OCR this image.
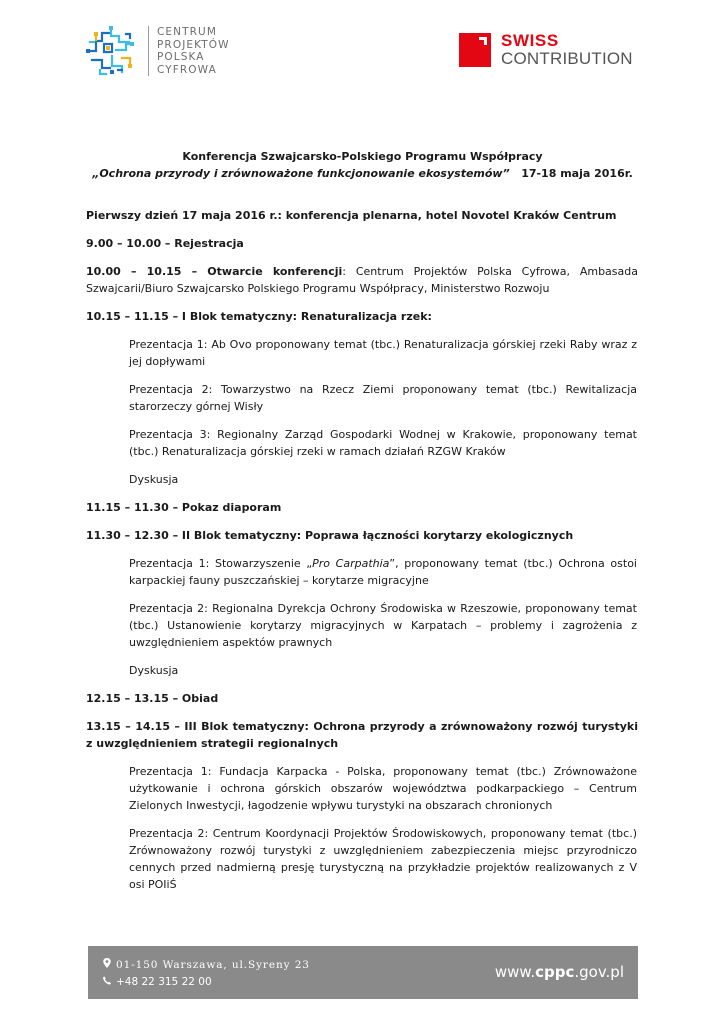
CENTRUM
PROJEKTÓW
POLSKA
CYFROWA
SWISS
CONTRIBUTION
Konferencja Szwajcarsko-Polskiego Programu Współpracy
„Ochrona przyrody i zrównoważone funkcjonowanie ekosystemów” 17-18 maja 2016r.
Pierwszy dzień 17 maja 2016 r.: konferencja plenarna, hotel Novotel Kraków Centrum
9.00 – 10.00 – Rejestracja
10.00 – 10.15 – Otwarcie konferencji: Centrum Projektów Polska Cyfrowa, Ambasada Szwajcarii/Biuro Szwajcarsko Polskiego Programu Współpracy, Ministerstwo Rozwoju
10.15 – 11.15 – I Blok tematyczny: Renaturalizacja rzek:
Prezentacja 1: Ab Ovo proponowany temat (tbc.) Renaturalizacja górskiej rzeki Raby wraz z jej dopływami
Prezentacja 2: Towarzystwo na Rzecz Ziemi proponowany temat (tbc.) Rewitalizacja starorzeczy górnej Wisły
Prezentacja 3: Regionalny Zarząd Gospodarki Wodnej w Krakowie, proponowany temat (tbc.) Renaturalizacja górskiej rzeki w ramach działań RZGW Kraków
Dyskusja
11.15 – 11.30 – Pokaz diaporam
11.30 – 12.30 – II Blok tematyczny: Poprawa łączności korytarzy ekologicznych
Prezentacja 1: Stowarzyszenie „Pro Carpathia”, proponowany temat (tbc.) Ochrona ostoi karpackiej fauny puszczańskiej – korytarze migracyjne
Prezentacja 2: Regionalna Dyrekcja Ochrony Środowiska w Rzeszowie, proponowany temat (tbc.) Ustanowienie korytarzy migracyjnych w Karpatach – problemy i zagrożenia z uwzględnieniem aspektów prawnych
Dyskusja
12.15 – 13.15 – Obiad
13.15 – 14.15 – III Blok tematyczny: Ochrona przyrody a zrównoważony rozwój turystyki z uwzględnieniem strategii regionalnych
Prezentacja 1: Fundacja Karpacka - Polska, proponowany temat (tbc.) Zrównoważone użytkowanie i ochrona górskich obszarów województwa podkarpackiego – Centrum Zielonych Inwestycji, łagodzenie wpływu turystyki na obszarach chronionych
Prezentacja 2: Centrum Koordynacji Projektów Środowiskowych, proponowany temat (tbc.) Zrównoważony rozwój turystyki z uwzględnieniem zabezpieczenia miejsc przyrodniczo cennych przed nadmierną presję turystyczną na przykładzie projektów realizowanych z V osi POIiŚ
01-150 Warszawa, ul.Syreny 23
+48 22 315 22 00
www.cppc.gov.pl
